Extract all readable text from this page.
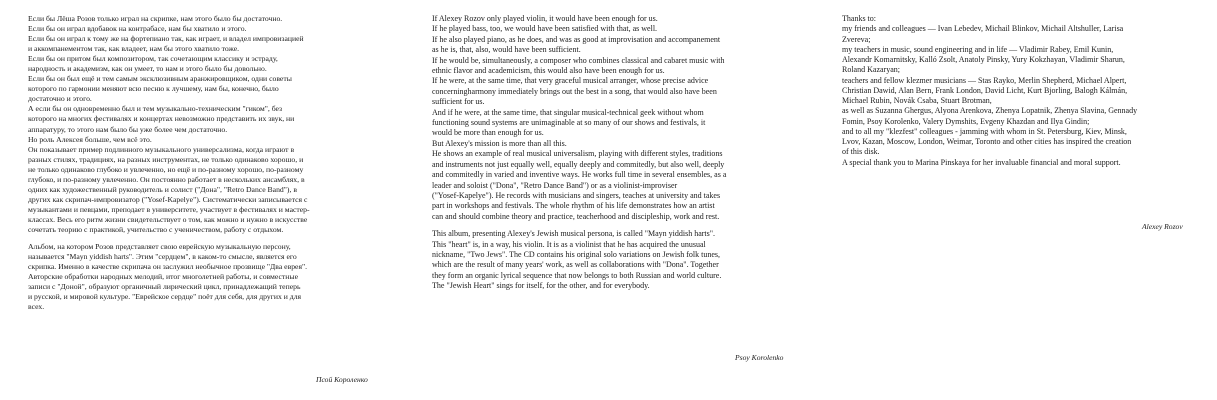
Если бы Лёша Розов только играл на скрипке, нам этого было бы достаточно.
Если бы он играл вдобавок на контрабасе, нам бы хватило и этого.
Если бы он играл к тому же на фортепиано так, как играет, и владел импровизацией
и аккомпанементом так, как владеет, нам бы этого хватило тоже.
Если бы он притом был композитором, так сочетающим классику и эстраду,
народность и академизм, как он умеет, то нам и этого было бы довольно.
Если бы он был ещё и тем самым эксклюзивным аранжировщиком, одни советы
которого по гармонии меняют всю песню к лучшему, нам бы, конечно, было
достаточно и этого.
А если бы он одновременно был и тем музыкально-техническим "гиком", без
которого на многих фестивалях и концертах невозможно представить их звук, ни
аппаратуру, то этого нам было бы уже более чем достаточно.
Но роль Алексея больше, чем всё это.
Он показывает пример подлинного музыкального универсализма, когда играют в
разных стилях, традициях, на разных инструментах, не только одинаково хорошо, и
не только одинаково глубоко и увлеченно, но ещё и по-разному хорошо, по-разному
глубоко, и по-разному увлеченно. Он постоянно работает в нескольких ансамблях, в
одних как художественный руководитель и солист ("Дона", "Retro Dance Band"), в
других как скрипач-импровизатор ("Yosef-Kapelye"). Систематически записывается с
музыкантами и певцами, преподает в университете, участвует в фестивалях и мастер-
классах. Весь его ритм жизни свидетельствует о том, как можно и нужно в искусстве
сочетать теорию с практикой, учительство с ученичеством, работу с отдыхом.

Альбом, на котором Розов представляет свою еврейскую музыкальную персону,
называется "Mayn yiddish harts". Этим "сердцем", в каком-то смысле, является его
скрипка. Именно в качестве скрипача он заслужил необычное прозвище "Два еврея".
Авторские обработки народных мелодий, итог многолетней работы, и совместные
записи с "Доной", образуют органичный лирический цикл, принадлежащий теперь
и русской, и мировой культуре. "Еврейское сердце" поёт для себя, для других и для
всех.

Псой Короленко

If Alexey Rozov only played violin, it would have been enough for us.
If he played bass, too, we would have been satisfied with that, as well.
If he also played piano, as he does, and was as good at improvisation and accompanement
as he is, that, also, would have been sufficient.
If he would be, simultaneously, a composer who combines classical and cabaret music with
ethnic flavor and academicism, this would also have been enough for us.
If he were, at the same time, that very graceful musical arranger, whose precise advice
concerningharmony immediately brings out the best in a song, that would also have been
sufficient for us.
And if he were, at the same time, that singular musical-technical geek without whom
functioning sound systems are unimaginable at so many of our shows and festivals, it
would be more than enough for us.
But Alexey's mission is more than all this.
He shows an example of real musical universalism, playing with different styles, traditions
and instruments not just equally well, equally deeply and commitedly, but also well, deeply
and commitedly in varied and inventive ways. He works full time in several ensembles, as a
leader and soloist ("Dona", "Retro Dance Band") or as a violinist-improviser
("Yosef-Kapelye"). He records with musicians and singers, teaches at university and takes
part in workshops and festivals. The whole rhythm of his life demonstrates how an artist
can and should combine theory and practice, teacherhood and discipleship, work and rest.

This album, presenting Alexey's Jewish musical persona, is called "Mayn yiddish harts".
This "heart" is, in a way, his violin. It is as a violinist that he has acquired the unusual
nickname, "Two Jews". The CD contains his original solo variations on Jewish folk tunes,
which are the result of many years' work, as well as collaborations with "Dona". Together
they form an organic lyrical sequence that now belongs to both Russian and world culture.
The "Jewish Heart" sings for itself, for the other, and for everybody.

Psoy Korolenko

Thanks to:
my friends and colleagues — Ivan Lebedev, Michail Blinkov, Michail Altshuller, Larisa
Zvereva;
my teachers in music, sound engineering and in life — Vladimir Rabey, Emil Kunin,
Alexandr Komarnitsky, Kalló Zsolt, Anatoly Pinsky, Yury Kokzhayan, Vladimir Sharun,
Roland Kazaryan;
teachers and fellow klezmer musicians — Stas Rayko, Merlin Shepherd, Michael Alpert,
Christian Dawid, Alan Bern, Frank London, David Licht, Kurt Bjorling, Balogh Kálmán,
Michael Rubin, Novák Csaba, Stuart Brotman,
as well as Suzanna Ghergus, Alyona Arenkova, Zhenya Lopatnik, Zhenya Slavina, Gennady
Fomin, Psoy Korolenko, Valery Dymshits, Evgeny Khazdan and Ilya Gindin;
and to all my "klezfest" colleagues - jamming with whom in St. Petersburg, Kiev, Minsk,
Lvov, Kazan, Moscow, London, Weimar, Toronto and other cities has inspired the creation
of this disk.
A special thank you to Marina Pinskaya for her invaluable financial and moral support.

Alexey Rozov
